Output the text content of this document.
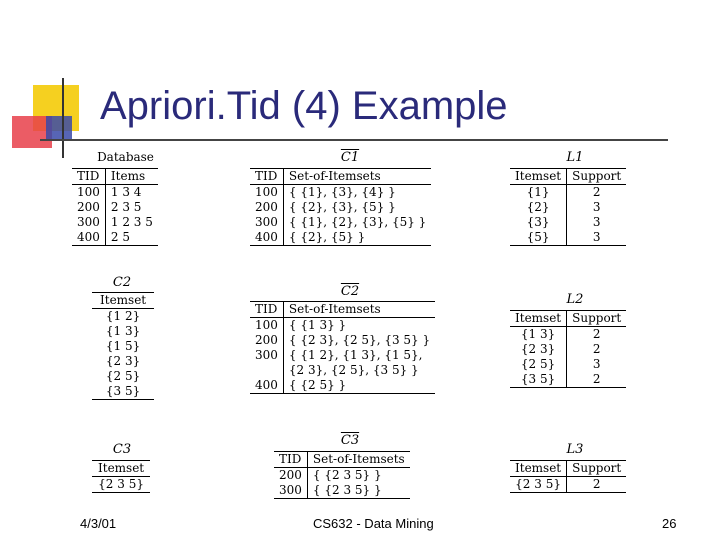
Apriori.Tid (4) Example
Database
TID	Items
100	1 3 4
200	2 3 5
300	1 2 3 5
400	2 5
C1
TID	Set-of-Itemsets
100	{ {1}, {3}, {4} }
200	{ {2}, {3}, {5} }
300	{ {1}, {2}, {3}, {5} }
400	{ {2}, {5} }
L1
Itemset	Support
{1}	2
{2}	3
{3}	3
{5}	3
C2
Itemset
{1 2}
{1 3}
{1 5}
{2 3}
{2 5}
{3 5}
C2
TID	Set-of-Itemsets
100	{ {1 3} }
200	{ {2 3}, {2 5}, {3 5} }
300	{ {1 2}, {1 3}, {1 5},
	{2 3}, {2 5}, {3 5} }
400	{ {2 5} }
L2
Itemset	Support
{1 3}	2
{2 3}	2
{2 5}	3
{3 5}	2
C3
Itemset
{2 3 5}
C3
TID	Set-of-Itemsets
200	{ {2 3 5} }
300	{ {2 3 5} }
L3
Itemset	Support
{2 3 5}	2
4/3/01	CS632 - Data Mining	26
